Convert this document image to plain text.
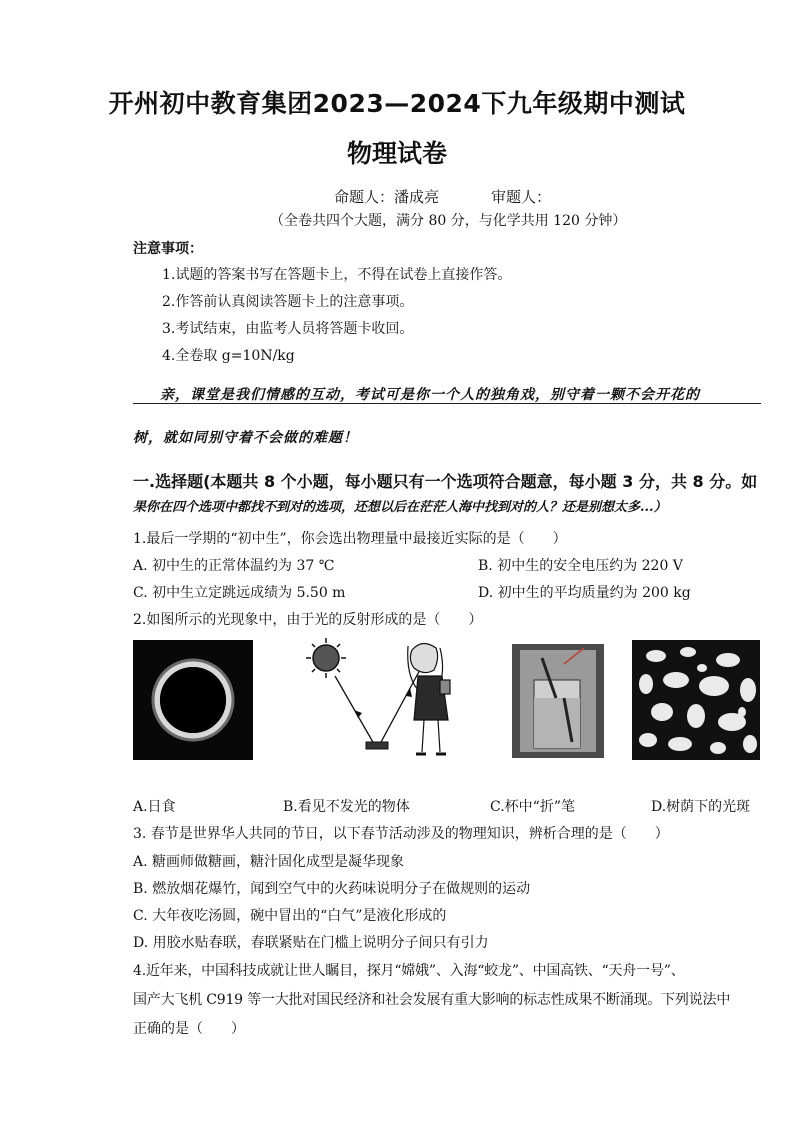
开州初中教育集团2023—2024下九年级期中测试
物理试卷
命题人：潘成亮	审题人：
（全卷共四个大题，满分 80 分，与化学共用 120 分钟）
注意事项：
1.试题的答案书写在答题卡上，不得在试卷上直接作答。
2.作答前认真阅读答题卡上的注意事项。
3.考试结束，由监考人员将答题卡收回。
4.全卷取 g=10N/kg
亲，课堂是我们情感的互动，考试可是你一个人的独角戏，别守着一颗不会开花的
树，就如同别守着不会做的难题！
一.选择题(本题共 8 个小题，每小题只有一个选项符合题意，每小题 3 分，共 8 分。如
果你在四个选项中都找不到对的选项，还想以后在茫茫人海中找到对的人？还是别想太多...）
1.最后一学期的“初中生”，你会选出物理量中最接近实际的是（　　）
A. 初中生的正常体温约为 37 ℃	B. 初中生的安全电压约为 220 V
C. 初中生立定跳远成绩为 5.50 m	D. 初中生的平均质量约为 200 kg
2.如图所示的光现象中，由于光的反射形成的是（　　）
A.日食	B.看见不发光的物体	C.杯中“折”笔	D.树荫下的光斑
3. 春节是世界华人共同的节日，以下春节活动涉及的物理知识，辨析合理的是（　　）
A. 糖画师做糖画，糖汁固化成型是凝华现象
B. 燃放烟花爆竹，闻到空气中的火药味说明分子在做规则的运动
C. 大年夜吃汤圆，碗中冒出的“白气”是液化形成的
D. 用胶水贴春联，春联紧贴在门槛上说明分子间只有引力
4.近年来，中国科技成就让世人瞩目，探月“嫦娥”、入海“蛟龙”、中国高铁、“天舟一号”、
国产大飞机 C919 等一大批对国民经济和社会发展有重大影响的标志性成果不断涌现。下列说法中
正确的是（　　）
